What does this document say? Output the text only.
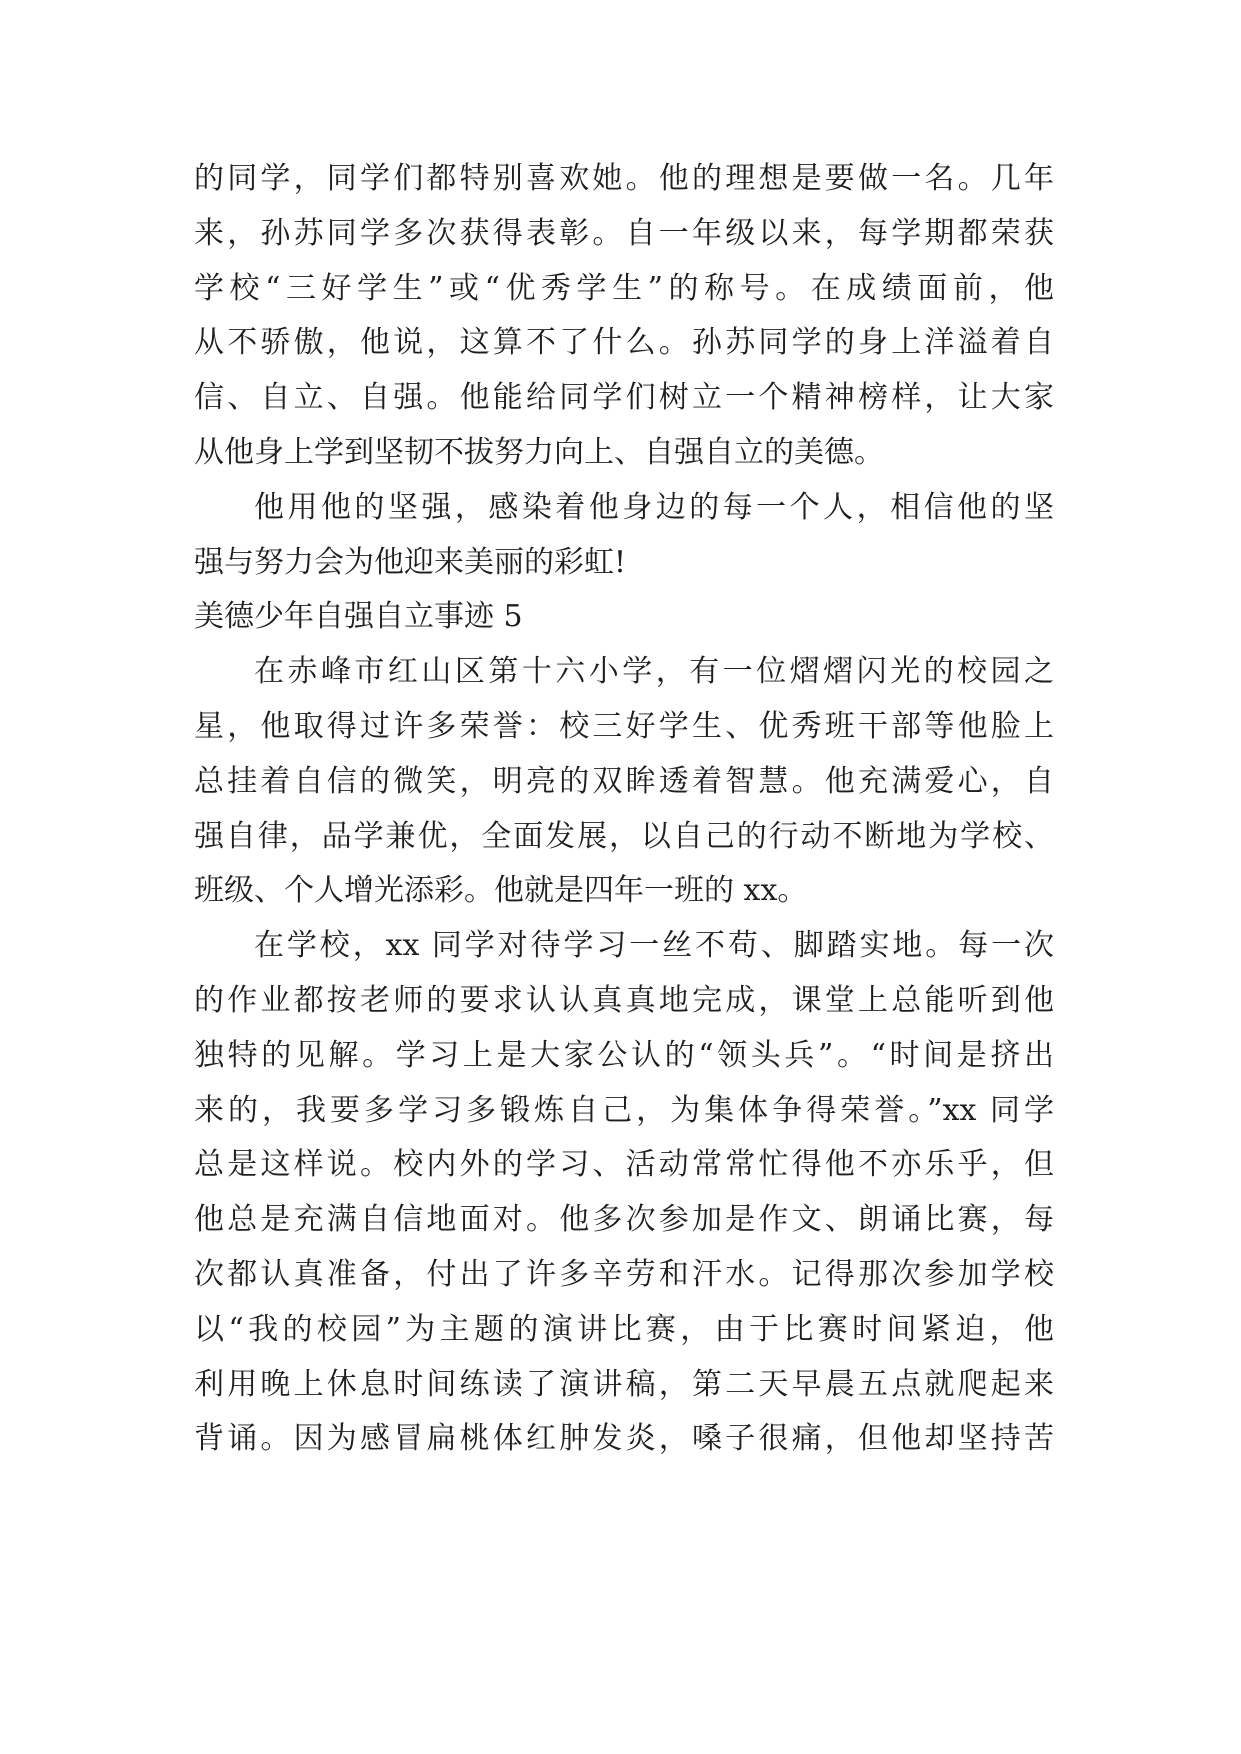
的同学，同学们都特别喜欢她。他的理想是要做一名。几年
来，孙苏同学多次获得表彰。自一年级以来，每学期都荣获
学校“三好学生”或“优秀学生”的称号。在成绩面前，他
从不骄傲，他说，这算不了什么。孙苏同学的身上洋溢着自
信、自立、自强。他能给同学们树立一个精神榜样，让大家
从他身上学到坚韧不拔努力向上、自强自立的美德。
他用他的坚强，感染着他身边的每一个人，相信他的坚
强与努力会为他迎来美丽的彩虹!
美德少年自强自立事迹 5
在赤峰市红山区第十六小学，有一位熠熠闪光的校园之
星，他取得过许多荣誉：校三好学生、优秀班干部等他脸上
总挂着自信的微笑，明亮的双眸透着智慧。他充满爱心，自
强自律，品学兼优，全面发展，以自己的行动不断地为学校、
班级、个人增光添彩。他就是四年一班的 xx。
在学校，xx 同学对待学习一丝不苟、脚踏实地。每一次
的作业都按老师的要求认认真真地完成，课堂上总能听到他
独特的见解。学习上是大家公认的“领头兵”。“时间是挤出
来的，我要多学习多锻炼自己，为集体争得荣誉。”xx 同学
总是这样说。校内外的学习、活动常常忙得他不亦乐乎，但
他总是充满自信地面对。他多次参加是作文、朗诵比赛，每
次都认真准备，付出了许多辛劳和汗水。记得那次参加学校
以“我的校园”为主题的演讲比赛，由于比赛时间紧迫，他
利用晚上休息时间练读了演讲稿，第二天早晨五点就爬起来
背诵。因为感冒扁桃体红肿发炎，嗓子很痛，但他却坚持苦
